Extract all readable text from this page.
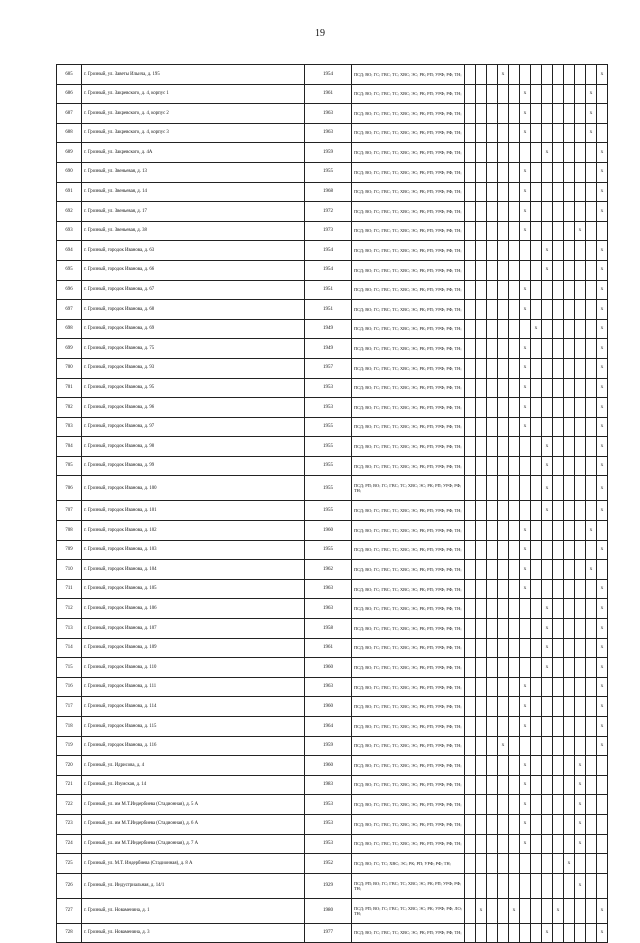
19
685	г. Грозный, ул. Заветы Ильича, д. 195	1954	ПСД; ВО; ГС; ГВС; ТС; ХВС; ЭС; РК; РП; УРФ; РФ; ТН;				x									x
686	г. Грозный, ул. Закревского, д. 4, корпус 1	1961	ПСД; ВО; ГС; ГВС; ТС; ХВС; ЭС; РК; РП; УРФ; РФ; ТН;						x						x	
687	г. Грозный, ул. Закревского, д. 4, корпус 2	1963	ПСД; ВО; ГС; ГВС; ТС; ХВС; ЭС; РК; РП; УРФ; РФ; ТН;						x						x	
688	г. Грозный, ул. Закревского, д. 4, корпус 3	1963	ПСД; ВО; ГС; ГВС; ТС; ХВС; ЭС; РК; РП; УРФ; РФ; ТН;						x						x	
689	г. Грозный, ул. Закревского, д. 4А	1959	ПСД; ВО; ГС; ГВС; ТС; ХВС; ЭС; РК; РП; УРФ; РФ; ТН;								x					x
690	г. Грозный, ул. Звеньевая, д. 13	1955	ПСД; ВО; ГС; ГВС; ТС; ХВС; ЭС; РК; РП; УРФ; РФ; ТН;						x							x
691	г. Грозный, ул. Звеньевая, д. 14	1968	ПСД; ВО; ГС; ГВС; ТС; ХВС; ЭС; РК; РП; УРФ; РФ; ТН;						x							x
692	г. Грозный, ул. Звеньевая, д. 17	1972	ПСД; ВО; ГС; ГВС; ТС; ХВС; ЭС; РК; РП; УРФ; РФ; ТН;						x							x
693	г. Грозный, ул. Звеньевая, д. 38	1973	ПСД; ВО; ГС; ГВС; ТС; ХВС; ЭС; РК; РП; УРФ; РФ; ТН;						x					x		
694	г. Грозный, городок Иванова, д. 63	1954	ПСД; ВО; ГС; ГВС; ТС; ХВС; ЭС; РК; РП; УРФ; РФ; ТН;								x					x
695	г. Грозный, городок Иванова, д. 66	1954	ПСД; ВО; ГС; ГВС; ТС; ХВС; ЭС; РК; РП; УРФ; РФ; ТН;								x					x
696	г. Грозный, городок Иванова, д. 67	1951	ПСД; ВО; ГС; ГВС; ТС; ХВС; ЭС; РК; РП; УРФ; РФ; ТН;						x							x
697	г. Грозный, городок Иванова, д. 68	1951	ПСД; ВО; ГС; ГВС; ТС; ХВС; ЭС; РК; РП; УРФ; РФ; ТН;						x							x
698	г. Грозный, городок Иванова, д. 69	1949	ПСД; ВО; ГС; ГВС; ТС; ХВС; ЭС; РК; РП; УРФ; РФ; ТН;							x						x
699	г. Грозный, городок Иванова, д. 75	1949	ПСД; ВО; ГС; ГВС; ТС; ХВС; ЭС; РК; РП; УРФ; РФ; ТН;						x							x
700	г. Грозный, городок Иванова, д. 93	1957	ПСД; ВО; ГС; ГВС; ТС; ХВС; ЭС; РК; РП; УРФ; РФ; ТН;						x							x
701	г. Грозный, городок Иванова, д. 95	1953	ПСД; ВО; ГС; ГВС; ТС; ХВС; ЭС; РК; РП; УРФ; РФ; ТН;						x							x
702	г. Грозный, городок Иванова, д. 96	1953	ПСД; ВО; ГС; ГВС; ТС; ХВС; ЭС; РК; РП; УРФ; РФ; ТН;						x							x
703	г. Грозный, городок Иванова, д. 97	1955	ПСД; ВО; ГС; ГВС; ТС; ХВС; ЭС; РК; РП; УРФ; РФ; ТН;						x							x
704	г. Грозный, городок Иванова, д. 98	1955	ПСД; ВО; ГС; ГВС; ТС; ХВС; ЭС; РК; РП; УРФ; РФ; ТН;								x					x
705	г. Грозный, городок Иванова, д. 99	1955	ПСД; ВО; ГС; ГВС; ТС; ХВС; ЭС; РК; РП; УРФ; РФ; ТН;								x					x
706	г. Грозный, городок Иванова, д. 100	1955	ПСД; РП; ВО; ГС; ГВС; ТС; ХВС; ЭС; РК; РП; УРФ; РФ; ТН;								x					x
707	г. Грозный, городок Иванова, д. 101	1955	ПСД; ВО; ГС; ГВС; ТС; ХВС; ЭС; РК; РП; УРФ; РФ; ТН;								x					x
708	г. Грозный, городок Иванова, д. 102	1960	ПСД; ВО; ГС; ГВС; ТС; ХВС; ЭС; РК; РП; УРФ; РФ; ТН;						x						x	
709	г. Грозный, городок Иванова, д. 103	1955	ПСД; ВО; ГС; ГВС; ТС; ХВС; ЭС; РК; РП; УРФ; РФ; ТН;						x							x
710	г. Грозный, городок Иванова, д. 104	1962	ПСД; ВО; ГС; ГВС; ТС; ХВС; ЭС; РК; РП; УРФ; РФ; ТН;						x						x	
711	г. Грозный, городок Иванова, д. 105	1963	ПСД; ВО; ГС; ГВС; ТС; ХВС; ЭС; РК; РП; УРФ; РФ; ТН;						x							x
712	г. Грозный, городок Иванова, д. 106	1963	ПСД; ВО; ГС; ГВС; ТС; ХВС; ЭС; РК; РП; УРФ; РФ; ТН;								x					x
713	г. Грозный, городок Иванова, д. 107	1958	ПСД; ВО; ГС; ГВС; ТС; ХВС; ЭС; РК; РП; УРФ; РФ; ТН;								x					x
714	г. Грозный, городок Иванова, д. 109	1961	ПСД; ВО; ГС; ГВС; ТС; ХВС; ЭС; РК; РП; УРФ; РФ; ТН;								x					x
715	г. Грозный, городок Иванова, д. 110	1960	ПСД; ВО; ГС; ГВС; ТС; ХВС; ЭС; РК; РП; УРФ; РФ; ТН;								x					x
716	г. Грозный, городок Иванова, д. 111	1963	ПСД; ВО; ГС; ГВС; ТС; ХВС; ЭС; РК; РП; УРФ; РФ; ТН;						x							x
717	г. Грозный, городок Иванова, д. 114	1960	ПСД; ВО; ГС; ГВС; ТС; ХВС; ЭС; РК; РП; УРФ; РФ; ТН;						x							x
718	г. Грозный, городок Иванова, д. 115	1964	ПСД; ВО; ГС; ГВС; ТС; ХВС; ЭС; РК; РП; УРФ; РФ; ТН;						x							x
719	г. Грозный, городок Иванова, д. 116	1959	ПСД; ВО; ГС; ГВС; ТС; ХВС; ЭС; РК; РП; УРФ; РФ; ТН;				x									x
720	г. Грозный, ул. Идрисова, д. 4	1960	ПСД; ВО; ГС; ГВС; ТС; ХВС; ЭС; РК; РП; УРФ; РФ; ТН;						x					x		
721	г. Грозный, ул. Изумская, д. 14	1983	ПСД; ВО; ГС; ГВС; ТС; ХВС; ЭС; РК; РП; УРФ; РФ; ТН;						x					x		
722	г. Грозный, ул. им М.Т.Индербиева (Стадионная), д. 5 А	1953	ПСД; ВО; ГС; ГВС; ТС; ХВС; ЭС; РК; РП; УРФ; РФ; ТН;						x					x		
723	г. Грозный, ул. им М.Т.Индербиева (Стадионная), д. 6 А	1953	ПСД; ВО; ГС; ГВС; ТС; ХВС; ЭС; РК; РП; УРФ; РФ; ТН;						x					x		
724	г. Грозный, ул. им М.Т.Индербиева (Стадионная), д. 7 А	1953	ПСД; ВО; ГС; ГВС; ТС; ХВС; ЭС; РК; РП; УРФ; РФ; ТН;						x					x		
725	г. Грозный, ул. М.Т. Индербиева (Стадионная), д. 8 А	1952	ПСД; ВО; ГС; ТС; ХВС; ЭС; РК; РП; УРФ; РФ; ТН;										x			
726	г. Грозный, ул. Индустриальная, д. 14/1	1929	ПСД; РП; ВО; ГС; ГВС; ТС; ХВС; ЭС; РК; РП; УРФ; РФ; ТН;											x		
727	г. Грозный, ул. Новаменина, д. 1	1980	ПСД; РП; ВО; ГС; ГВС; ТС; ХВС; ЭС; РК; УРФ; РФ; ЛО; ТН;		x			x				x				x
728	г. Грозный, ул. Новаменина, д. 3	1977	ПСД; ВО; ГС; ГВС; ТС; ХВС; ЭС; РК; РП; УРФ; РФ; ТН;								x					x
